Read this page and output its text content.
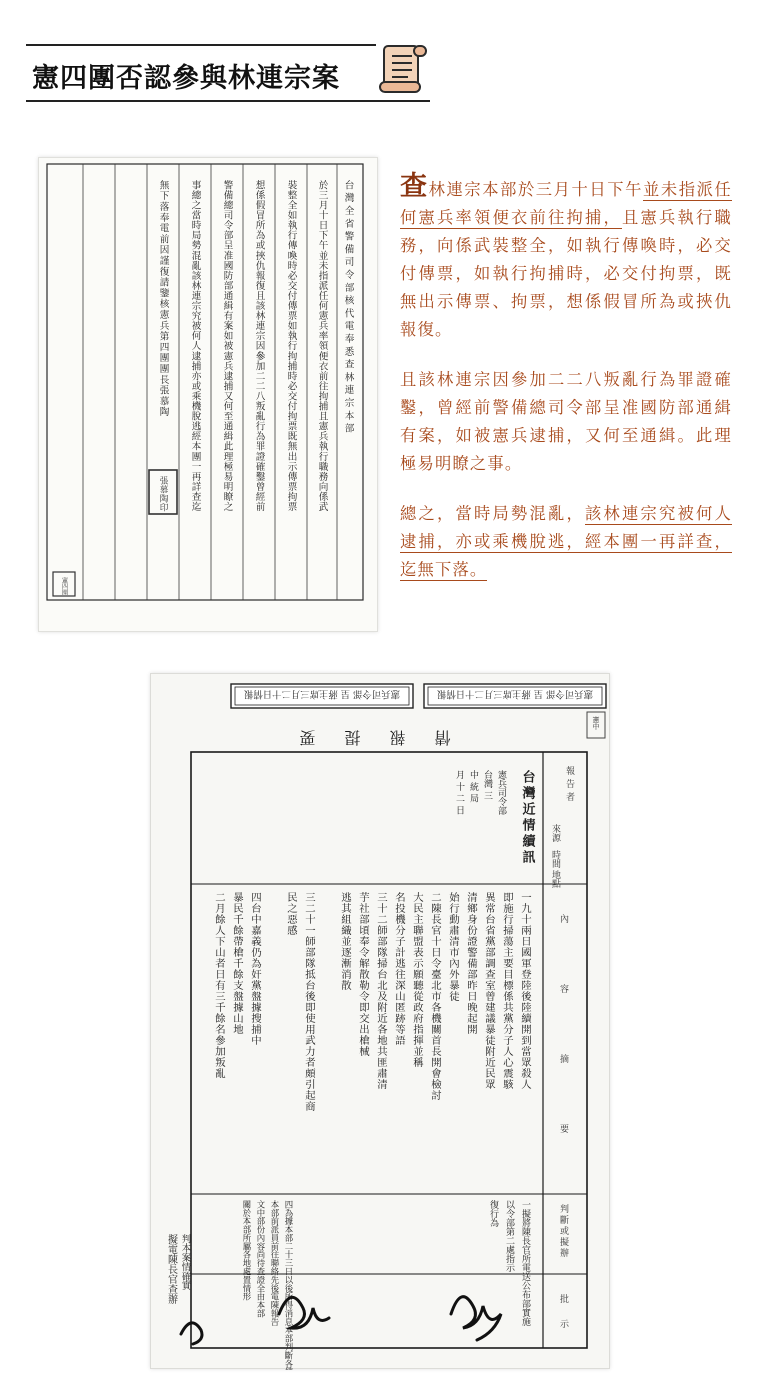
憲四團否認參與林連宗案
台灣全省警備司令部核代電奉悉查林連宗本部
於三月十日下午並未指派任何憲兵率領便衣前往拘捕且憲兵執行職務向係武
裝整全如執行傳喚時必交付傳票如執行拘捕時必交付拘票既無出示傳票拘票
想係假冒所為或挾仇報復且該林連宗因參加二二八叛亂行為罪證確鑿曾經前
警備總司令部呈准國防部通緝有案如被憲兵逮捕又何至通緝此理極易明瞭之
事總之當時局勢混亂該林連宗究被何人逮捕亦或乘機脫逃經本團一再詳查迄
無下落奉電前因謹復請鑒核憲兵第四團團長張慕陶
張慕陶印
憲四團

查林連宗本部於三月十日下午並未指派任何憲兵率領便衣前往拘捕，且憲兵執行職務，向係武裝整全，如執行傳喚時，必交付傳票，如執行拘捕時，必交付拘票，既無出示傳票、拘票，想係假冒所為或挾仇報復。

且該林連宗因參加二二八叛亂行為罪證確鑿，曾經前警備總司令部呈准國防部通緝有案，如被憲兵逮捕，又何至通緝。此理極易明瞭之事。

總之，當時局勢混亂，該林連宗究被何人逮捕，亦或乘機脫逃，經本團一再詳查，迄無下落。

憲兵司令部 呈 蔣主席三月二十日情報	憲兵司令部 呈 蔣主席三月二十日情報
憲中
情 報 提 要
報告者
來源
時間
地點
內
容
摘
要
判斷或擬辦
批示
台灣近情續訊
憲兵司令部
台灣 三
中 統 局
月 十 二 日
一九十兩日國軍登陸後陸續開到當眾殺人
即施行掃蕩主要目標係共黨分子人心震駭
異常台省黨部調查室曾建議暴徒附近民眾
清鄉身份證警備部昨日晚起開
始行動肅清市內外暴徒
二陳長官十日令臺北市各機關首長開會檢討
大民主聯盟表示願聽從政府指揮並稱
名投機分子計逃往深山匿跡等語
三十二師部隊掃台北及附近各地共匪肅清
芋社部頃奉令解散勒令即交出槍械
逃其組織並逐漸消散
三二十一師部隊抵台後即使用武力者頗引起商
民之惡感
四台中嘉義仍為奸黨盤據搜捕中
暴民千餘帶槍千餘支盤據山地
二月餘人下山者日有三千餘名參加叛亂
一擬將陳長官所電送公布部實施
以令部第二處指示
復行為
四為據本部二十三日以後所得消息本部判斷各情
本部前派員前往聯絡先後電陳報告
文中部份內容尚待查證全由本部
關於本部所屬各地處置情形
判本案情確實
擬電陳長官查辦
